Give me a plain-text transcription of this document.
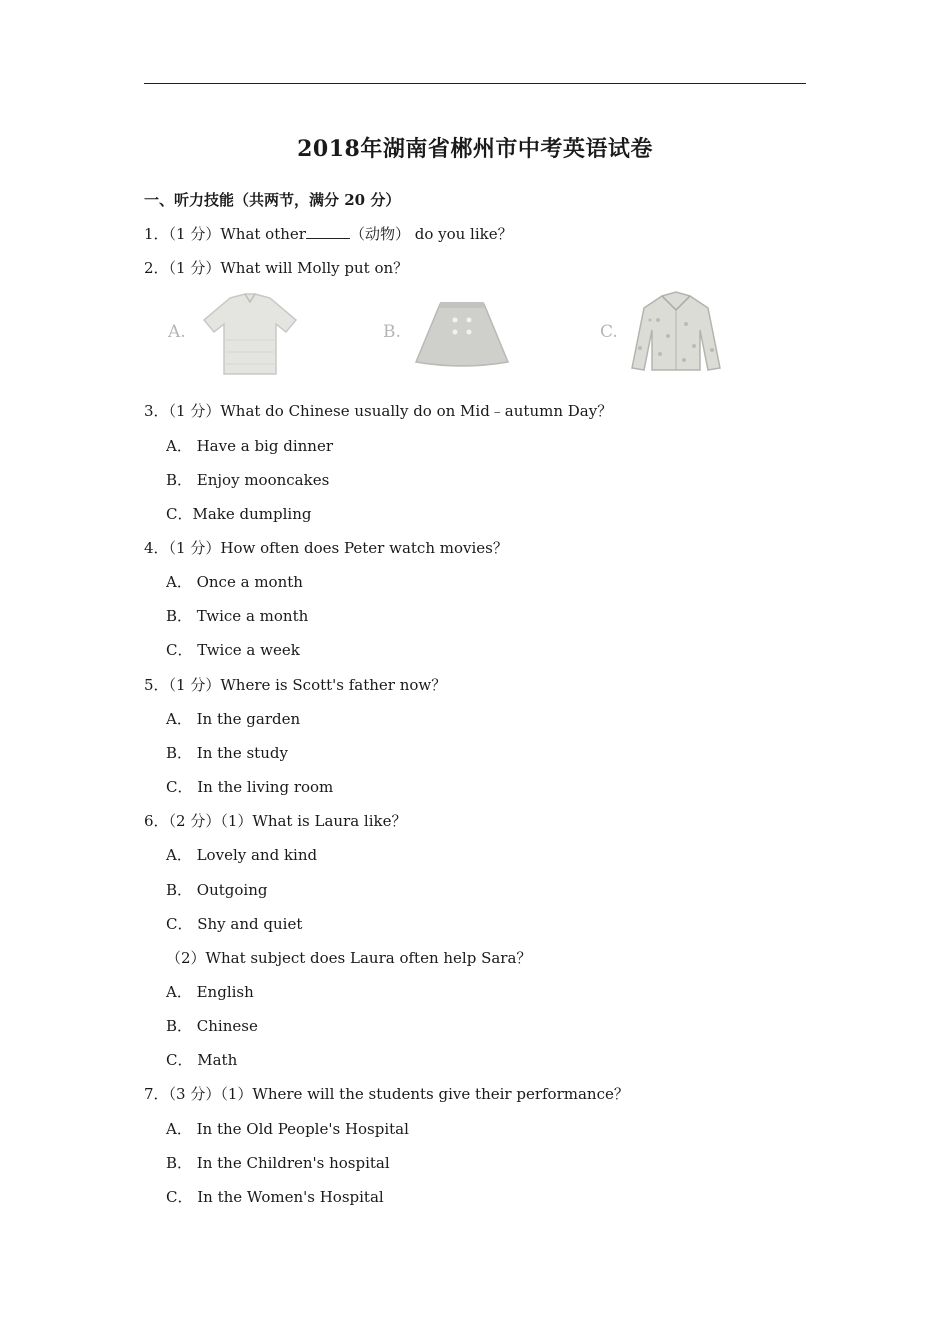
2018年湖南省郴州市中考英语试卷
一、听力技能（共两节，满分 20 分）
1．（1 分）What other	（动物） do you like？
2．（1 分）What will Molly put on？
A.	B.	C.
3．（1 分）What do Chinese usually do on Mid﹣autumn Day？
A． Have a big dinner
B． Enjoy mooncakes
C．Make dumpling
4．（1 分）How often does Peter watch movies？
A． Once a month
B． Twice a month
C． Twice a week
5．（1 分）Where is Scott's father now？
A． In the garden
B． In the study
C． In the living room
6．（2 分）（1）What is Laura like？
A． Lovely and kind
B． Outgoing
C． Shy and quiet
（2）What subject does Laura often help Sara？
A． English
B． Chinese
C． Math
7．（3 分）（1）Where will the students give their performance？
A． In the Old People's Hospital
B． In the Children's hospital
C． In the Women's Hospital
